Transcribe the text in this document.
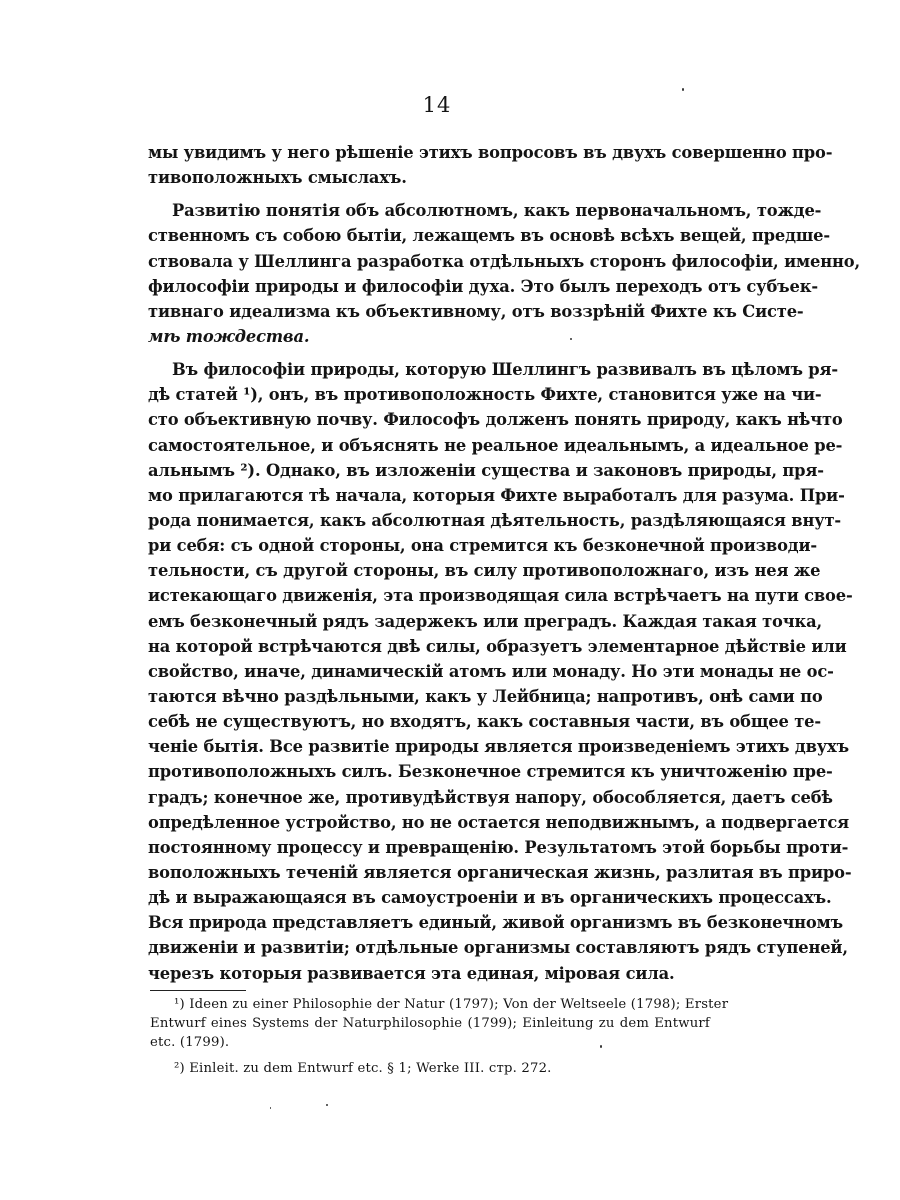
14
мы увидимъ у него рѣшеніе этихъ вопросовъ въ двухъ совершенно про-
тивоположныхъ смыслахъ.
Развитію понятія объ абсолютномъ, какъ первоначальномъ, тожде-
ственномъ съ собою бытіи, лежащемъ въ основѣ всѣхъ вещей, предше-
ствовала у Шеллинга разработка отдѣльныхъ сторонъ философіи, именно,
философіи природы и философіи духа. Это былъ переходъ отъ субъек-
тивнаго идеализма къ объективному, отъ воззрѣній Фихте къ Систе-
мѣ тождества.
Въ философіи природы, которую Шеллингъ развивалъ въ цѣломъ ря-
дѣ статей ¹), онъ, въ противоположность Фихте, становится уже на чи-
сто объективную почву. Философъ долженъ понять природу, какъ нѣчто
самостоятельное, и объяснять не реальное идеальнымъ, а идеальное ре-
альнымъ ²). Однако, въ изложеніи существа и законовъ природы, пря-
мо прилагаются тѣ начала, которыя Фихте выработалъ для разума. При-
рода понимается, какъ абсолютная дѣятельность, раздѣляющаяся внут-
ри себя: съ одной стороны, она стремится къ безконечной производи-
тельности, съ другой стороны, въ силу противоположнаго, изъ нея же
истекающаго движенія, эта производящая сила встрѣчаетъ на пути свое-
емъ безконечный рядъ задержекъ или преградъ. Каждая такая точка,
на которой встрѣчаются двѣ силы, образуетъ элементарное дѣйствіе или
свойство, иначе, динамическій атомъ или монаду. Но эти монады не ос-
таются вѣчно раздѣльными, какъ у Лейбница; напротивъ, онѣ сами по
себѣ не существуютъ, но входятъ, какъ составныя части, въ общее те-
ченіе бытія. Все развитіе природы является произведеніемъ этихъ двухъ
противоположныхъ силъ. Безконечное стремится къ уничтоженію пре-
градъ; конечное же, противудѣйствуя напору, обособляется, даетъ себѣ
опредѣленное устройство, но не остается неподвижнымъ, а подвергается
постоянному процессу и превращенію. Результатомъ этой борьбы проти-
воположныхъ теченій является органическая жизнь, разлитая въ приро-
дѣ и выражающаяся въ самоустроеніи и въ органическихъ процессахъ.
Вся природа представляетъ единый, живой организмъ въ безконечномъ
движеніи и развитіи; отдѣльные организмы составляютъ рядъ ступеней,
черезъ которыя развивается эта единая, міровая сила.
¹) Ideen zu einer Philosophie der Natur (1797); Von der Weltseele (1798); Erster
Entwurf eines Systems der Naturphilosophie (1799); Einleitung zu dem Entwurf
etc. (1799).
²) Einleit. zu dem Entwurf etc. § 1; Werke III. стр. 272.
